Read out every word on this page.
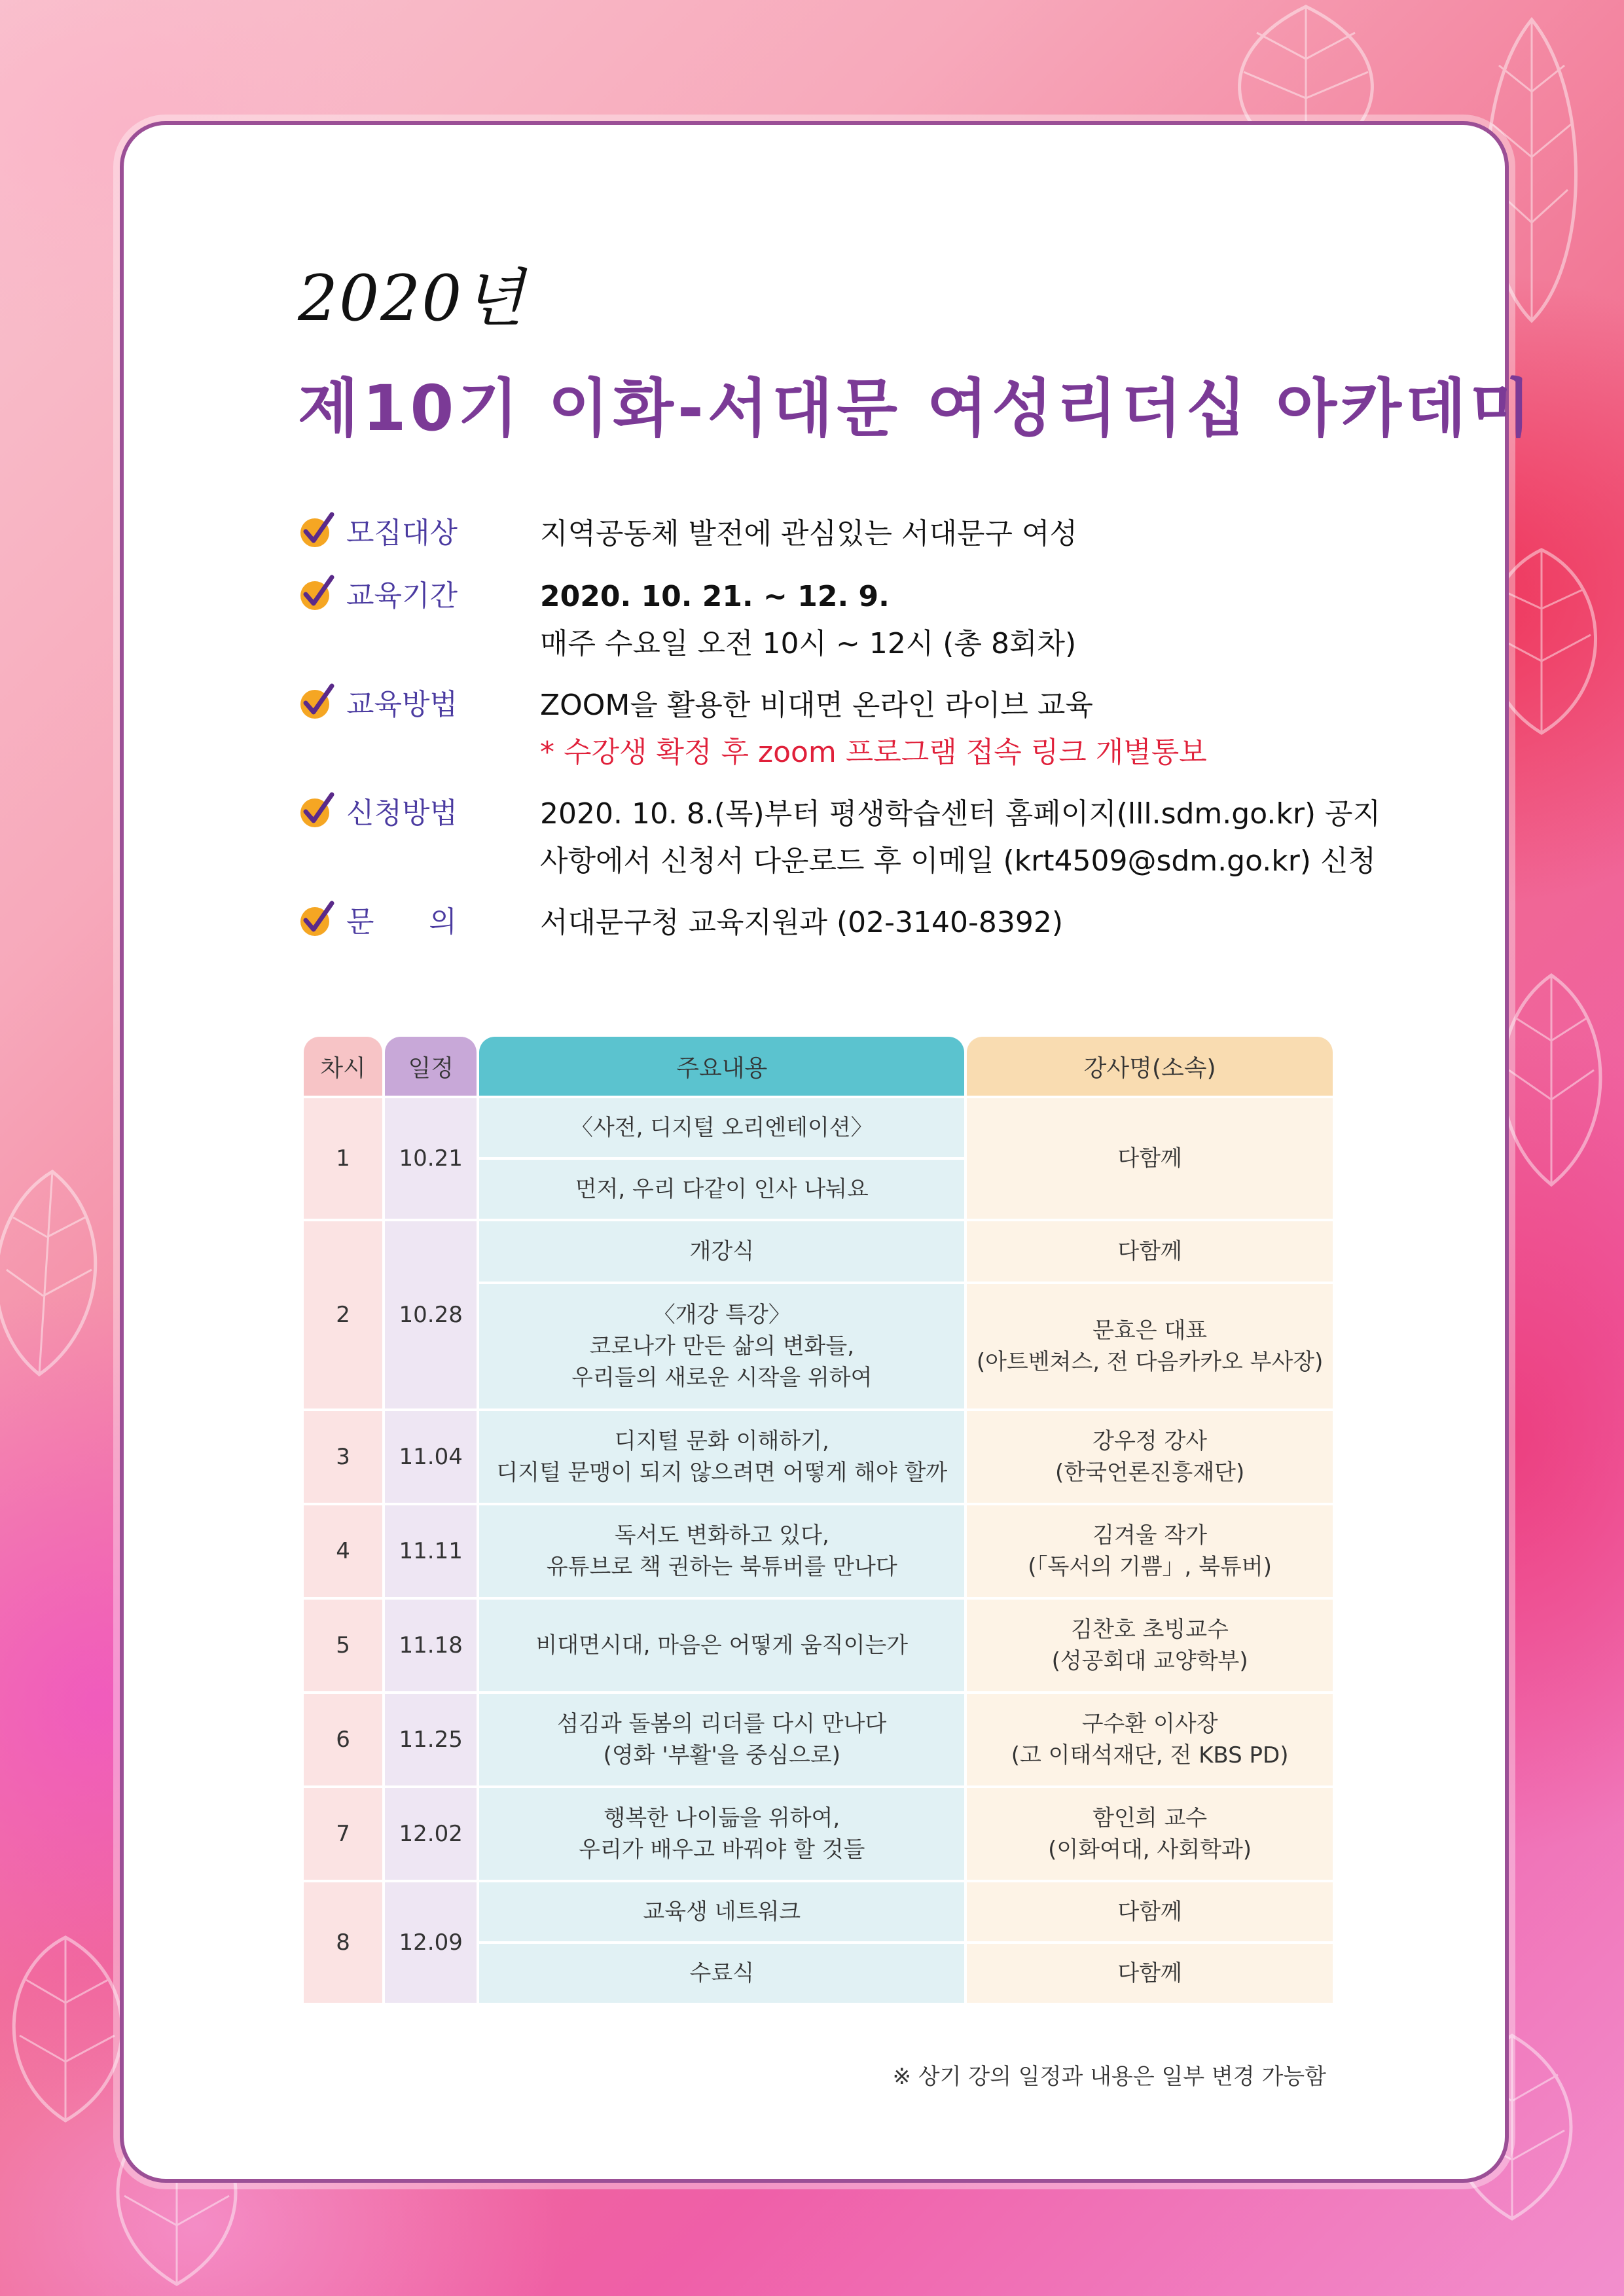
2020년
제10기 이화-서대문 여성리더십 아카데미
모집대상	지역공동체 발전에 관심있는 서대문구 여성
교육기간	2020. 10. 21. ~ 12. 9.
매주 수요일 오전 10시 ~ 12시 (총 8회차)
교육방법	ZOOM을 활용한 비대면 온라인 라이브 교육
* 수강생 확정 후 zoom 프로그램 접속 링크 개별통보
신청방법	2020. 10. 8.(목)부터 평생학습센터 홈페이지(lll.sdm.go.kr) 공지
사항에서 신청서 다운로드 후 이메일 (krt4509@sdm.go.kr) 신청
문      의	서대문구청 교육지원과 (02-3140-8392)
차시	일정	주요내용	강사명(소속)
1	10.21	〈사전, 디지털 오리엔테이션〉	다함께
		먼저, 우리 다같이 인사 나눠요	
2	10.28	개강식	다함께
		〈개강 특강〉
코로나가 만든 삶의 변화들,
우리들의 새로운 시작을 위하여	문효은 대표
(아트벤쳐스, 전 다음카카오 부사장)
3	11.04	디지털 문화 이해하기,
디지털 문맹이 되지 않으려면 어떻게 해야 할까	강우정 강사
(한국언론진흥재단)
4	11.11	독서도 변화하고 있다,
유튜브로 책 권하는 북튜버를 만나다	김겨울 작가
(「독서의 기쁨」, 북튜버)
5	11.18	비대면시대, 마음은 어떻게 움직이는가	김찬호 초빙교수
(성공회대 교양학부)
6	11.25	섬김과 돌봄의 리더를 다시 만나다
(영화 '부활'을 중심으로)	구수환 이사장
(고 이태석재단, 전 KBS PD)
7	12.02	행복한 나이듦을 위하여,
우리가 배우고 바꿔야 할 것들	함인희 교수
(이화여대, 사회학과)
8	12.09	교육생 네트워크	다함께
		수료식	다함께
※ 상기 강의 일정과 내용은 일부 변경 가능함
